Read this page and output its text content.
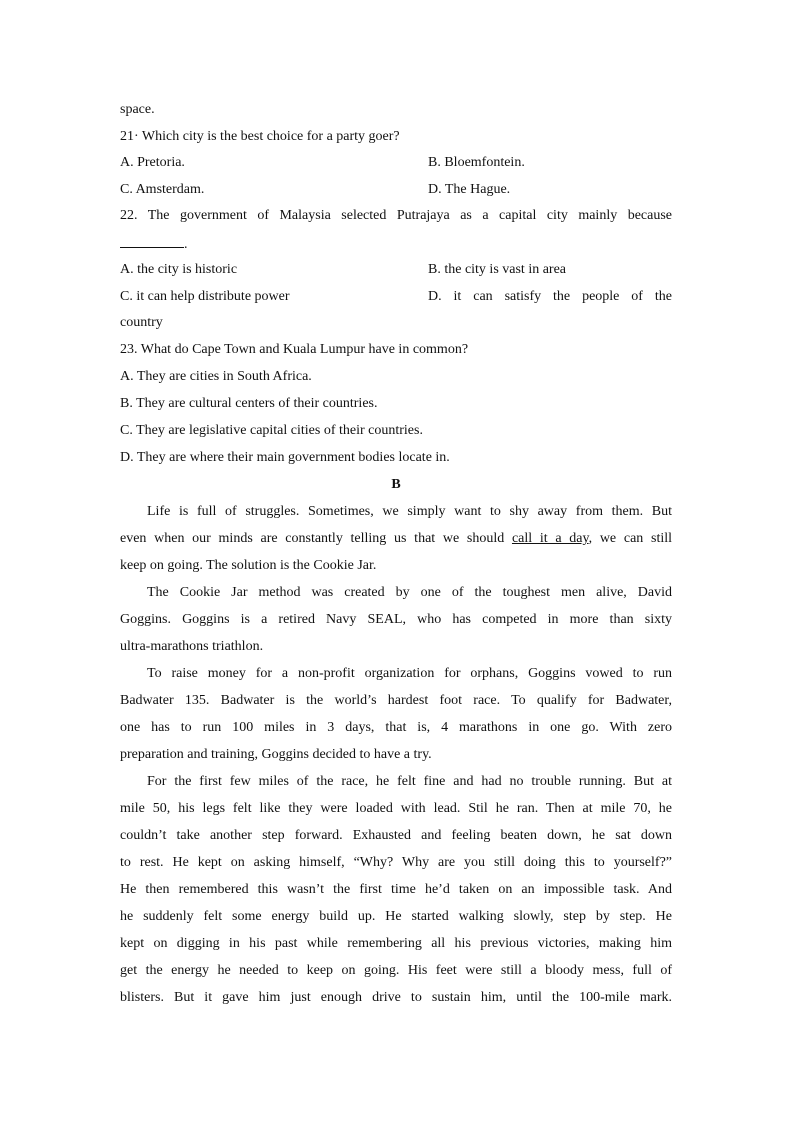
space.
21· Which city is the best choice for a party goer?
A. Pretoria.	B. Bloemfontein.
C. Amsterdam.	D. The Hague.
22. The government of Malaysia selected Putrajaya as a capital city mainly because
.
A. the city is historic	B. the city is vast in area
C. it can help distribute power	D. it can satisfy the people of the
country
23. What do Cape Town and Kuala Lumpur have in common?
A. They are cities in South Africa.
B. They are cultural centers of their countries.
C. They are legislative capital cities of their countries.
D. They are where their main government bodies locate in.
B
Life is full of struggles. Sometimes, we simply want to shy away from them. But
even when our minds are constantly telling us that we should call it a day, we can still
keep on going. The solution is the Cookie Jar.
The Cookie Jar method was created by one of the toughest men alive, David
Goggins. Goggins is a retired Navy SEAL, who has competed in more than sixty
ultra-marathons triathlon.
To raise money for a non-profit organization for orphans, Goggins vowed to run
Badwater 135. Badwater is the world’s hardest foot race. To qualify for Badwater,
one has to run 100 miles in 3 days, that is, 4 marathons in one go. With zero
preparation and training, Goggins decided to have a try.
For the first few miles of the race, he felt fine and had no trouble running. But at
mile 50, his legs felt like they were loaded with lead. Stil he ran. Then at mile 70, he
couldn’t take another step forward. Exhausted and feeling beaten down, he sat down
to rest. He kept on asking himself, “Why? Why are you still doing this to yourself?”
He then remembered this wasn’t the first time he’d taken on an impossible task. And
he suddenly felt some energy build up. He started walking slowly, step by step. He
kept on digging in his past while remembering all his previous victories, making him
get the energy he needed to keep on going. His feet were still a bloody mess, full of
blisters. But it gave him just enough drive to sustain him, until the 100-mile mark.
